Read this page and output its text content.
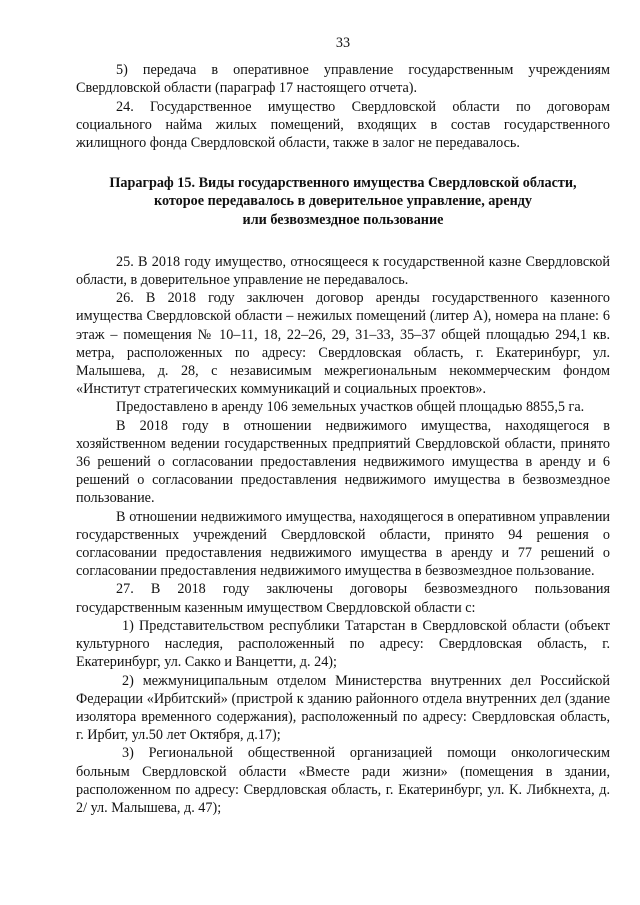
33

5) передача в оперативное управление государственным учреждениям Свердловской области (параграф 17 настоящего отчета).

24. Государственное имущество Свердловской области по договорам социального найма жилых помещений, входящих в состав государственного жилищного фонда Свердловской области, также в залог не передавалось.

Параграф 15. Виды государственного имущества Свердловской области,
которое передавалось в доверительное управление, аренду
или безвозмездное пользование

25. В 2018 году имущество, относящееся к государственной казне Свердловской области, в доверительное управление не передавалось.

26. В 2018 году заключен договор аренды государственного казенного имущества Свердловской области – нежилых помещений (литер А), номера на плане: 6 этаж – помещения № 10–11, 18, 22–26, 29, 31–33, 35–37 общей площадью 294,1 кв. метра, расположенных по адресу: Свердловская область, г. Екатеринбург, ул. Малышева, д. 28, с независимым межрегиональным некоммерческим фондом «Институт стратегических коммуникаций и социальных проектов».

Предоставлено в аренду 106 земельных участков общей площадью 8855,5 га.

В 2018 году в отношении недвижимого имущества, находящегося в хозяйственном ведении государственных предприятий Свердловской области, принято 36 решений о согласовании предоставления недвижимого имущества в аренду и 6 решений о согласовании предоставления недвижимого имущества в безвозмездное пользование.

В отношении недвижимого имущества, находящегося в оперативном управлении государственных учреждений Свердловской области, принято 94 решения о согласовании предоставления недвижимого имущества в аренду и 77 решений о согласовании предоставления недвижимого имущества в безвозмездное пользование.

27. В 2018 году заключены договоры безвозмездного пользования государственным казенным имуществом Свердловской области с:

1) Представительством республики Татарстан в Свердловской области (объект культурного наследия, расположенный по адресу: Свердловская область, г. Екатеринбург, ул. Сакко и Ванцетти, д. 24);

2) межмуниципальным отделом Министерства внутренних дел Российской Федерации «Ирбитский» (пристрой к зданию районного отдела внутренних дел (здание изолятора временного содержания), расположенный по адресу: Свердловская область, г. Ирбит, ул.50 лет Октября, д.17);

3) Региональной общественной организацией помощи онкологическим больным Свердловской области «Вместе ради жизни» (помещения в здании, расположенном по адресу: Свердловская область, г. Екатеринбург, ул. К. Либкнехта, д. 2/ ул. Малышева, д. 47);
